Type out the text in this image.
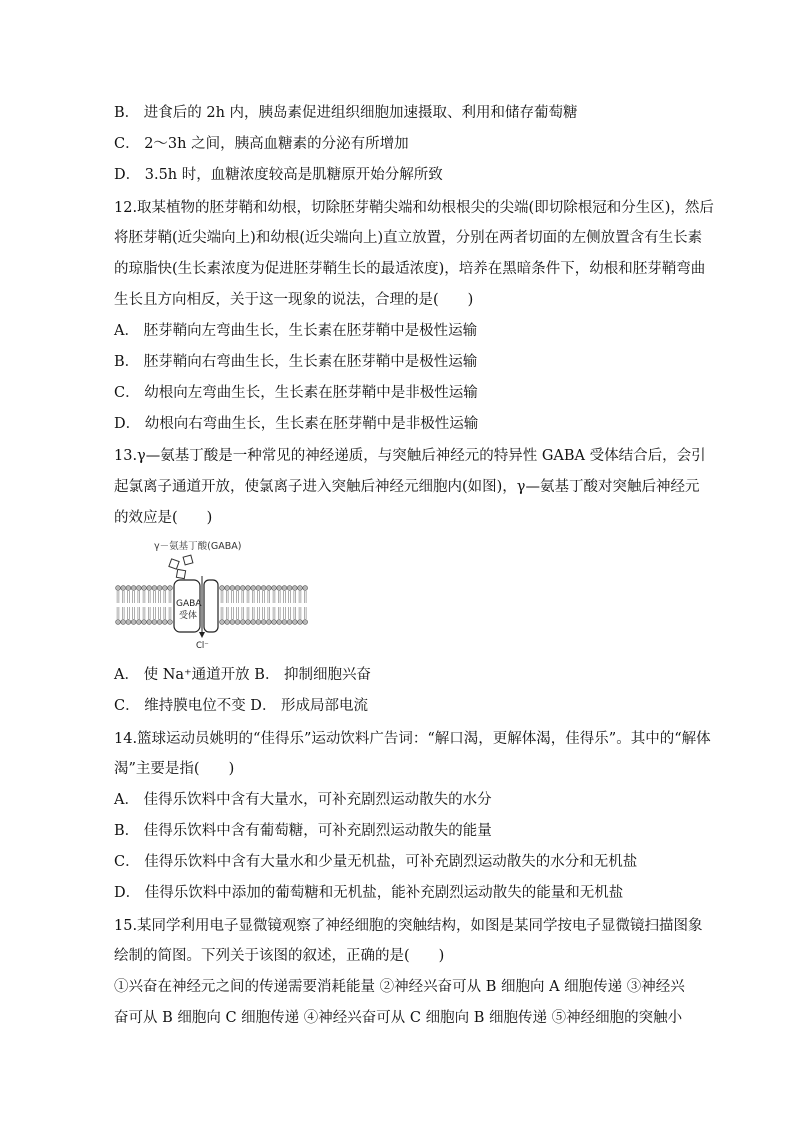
B． 进食后的 2h 内，胰岛素促进组织细胞加速摄取、利用和储存葡萄糖
C． 2～3h 之间，胰高血糖素的分泌有所增加
D． 3.5h 时，血糖浓度较高是肌糖原开始分解所致
12.取某植物的胚芽鞘和幼根，切除胚芽鞘尖端和幼根根尖的尖端(即切除根冠和分生区)，然后
将胚芽鞘(近尖端向上)和幼根(近尖端向上)直立放置，分别在两者切面的左侧放置含有生长素
的琼脂快(生长素浓度为促进胚芽鞘生长的最适浓度)，培养在黑暗条件下，幼根和胚芽鞘弯曲
生长且方向相反，关于这一现象的说法，合理的是(　　)
A． 胚芽鞘向左弯曲生长，生长素在胚芽鞘中是极性运输
B． 胚芽鞘向右弯曲生长，生长素在胚芽鞘中是极性运输
C． 幼根向左弯曲生长，生长素在胚芽鞘中是非极性运输
D． 幼根向右弯曲生长，生长素在胚芽鞘中是非极性运输
13.γ—氨基丁酸是一种常见的神经递质，与突触后神经元的特异性 GABA 受体结合后，会引
起氯离子通道开放，使氯离子进入突触后神经元细胞内(如图)，γ—氨基丁酸对突触后神经元
的效应是(　　)
γ－氨基丁酸(GABA)
GABA
受体
Cl⁻
A． 使 Na⁺通道开放 B． 抑制细胞兴奋
C． 维持膜电位不变 D． 形成局部电流
14.篮球运动员姚明的“佳得乐”运动饮料广告词：“解口渴，更解体渴，佳得乐”。其中的“解体
渴”主要是指(　　)
A． 佳得乐饮料中含有大量水，可补充剧烈运动散失的水分
B． 佳得乐饮料中含有葡萄糖，可补充剧烈运动散失的能量
C． 佳得乐饮料中含有大量水和少量无机盐，可补充剧烈运动散失的水分和无机盐
D． 佳得乐饮料中添加的葡萄糖和无机盐，能补充剧烈运动散失的能量和无机盐
15.某同学利用电子显微镜观察了神经细胞的突触结构，如图是某同学按电子显微镜扫描图象
绘制的简图。下列关于该图的叙述，正确的是(　　)
①兴奋在神经元之间的传递需要消耗能量 ②神经兴奋可从 B 细胞向 A 细胞传递 ③神经兴
奋可从 B 细胞向 C 细胞传递 ④神经兴奋可从 C 细胞向 B 细胞传递 ⑤神经细胞的突触小
